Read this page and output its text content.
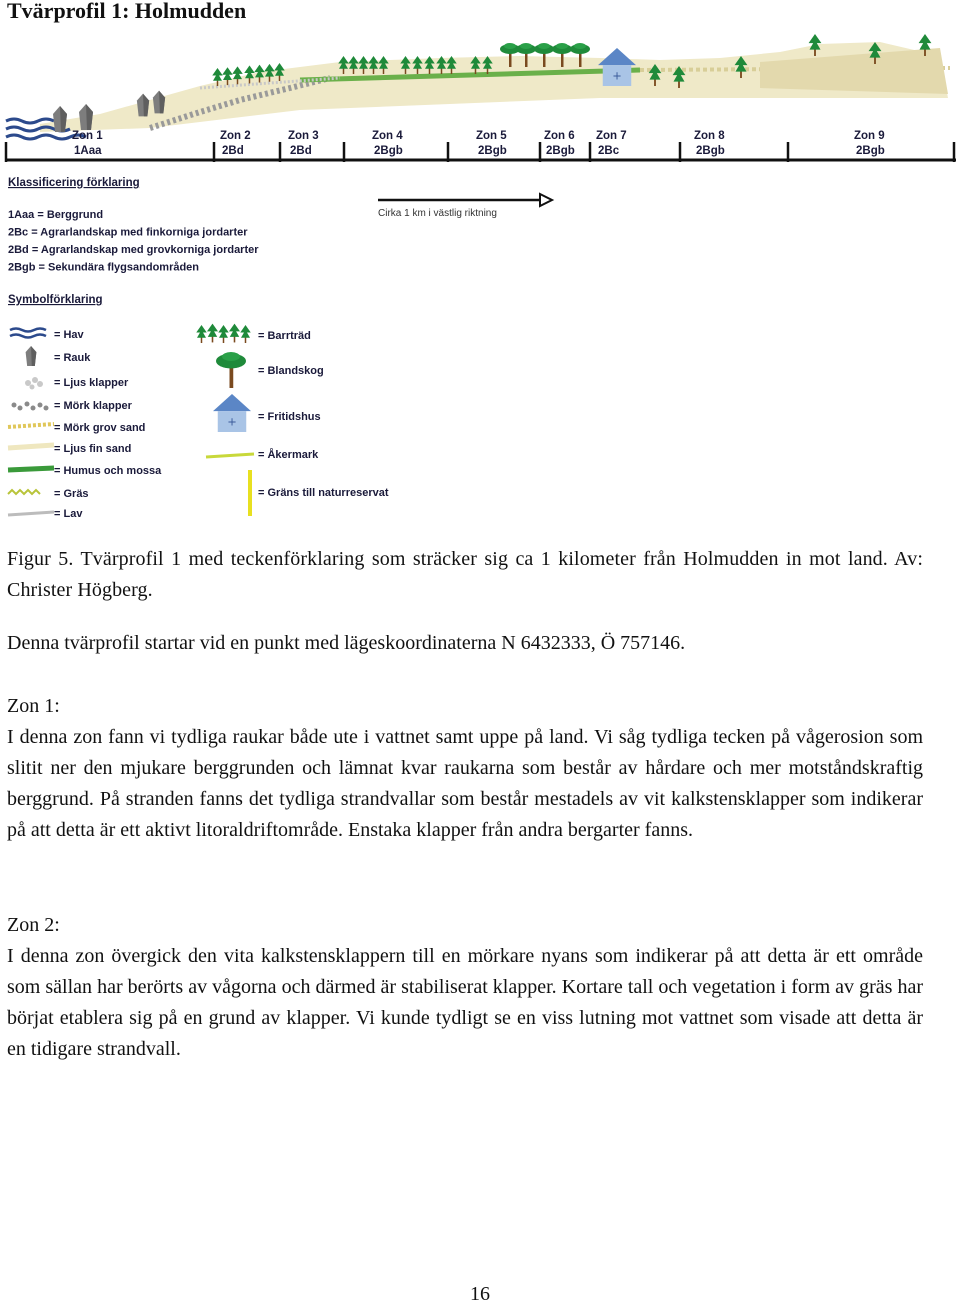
Tvärprofil 1: Holmudden
Zon 1
1Aaa
Zon 2
2Bd
Zon 3
2Bd
Zon 4
2Bgb
Zon 5
2Bgb
Zon 6
2Bgb
Zon 7
2Bc
Zon 8
2Bgb
Zon 9
2Bgb
Klassificering förklaring
1Aaa = Berggrund
2Bc = Agrarlandskap med finkorniga jordarter
2Bd = Agrarlandskap med grovkorniga jordarter
2Bgb = Sekundära flygsandområden
Cirka 1 km i västlig riktning
Symbolförklaring
= Hav
= Rauk
= Ljus klapper
= Mörk klapper
= Mörk grov sand
= Ljus fin sand
= Humus och mossa
= Gräs
= Lav
= Barrträd
= Blandskog
= Fritidshus
= Åkermark
= Gräns till naturreservat

Figur 5. Tvärprofil 1 med teckenförklaring som sträcker sig ca 1 kilometer från Holmudden in mot land. Av: Christer Högberg.

Denna tvärprofil startar vid en punkt med lägeskoordinaterna N 6432333, Ö 757146.

Zon 1:

I denna zon fann vi tydliga raukar både ute i vattnet samt uppe på land. Vi såg tydliga tecken på vågerosion som slitit ner den mjukare berggrunden och lämnat kvar raukarna som består av hårdare och mer motståndskraftig berggrund. På stranden fanns det tydliga strandvallar som består mestadels av vit kalkstensklapper som indikerar på att detta är ett aktivt litoraldriftområde. Enstaka klapper från andra bergarter fanns.

Zon 2:

I denna zon övergick den vita kalkstensklappern till en mörkare nyans som indikerar på att detta är ett område som sällan har berörts av vågorna och därmed är stabiliserat klapper. Kortare tall och vegetation i form av gräs har börjat etablera sig på en grund av klapper. Vi kunde tydligt se en viss lutning mot vattnet som visade att detta är en tidigare strandvall.

16
